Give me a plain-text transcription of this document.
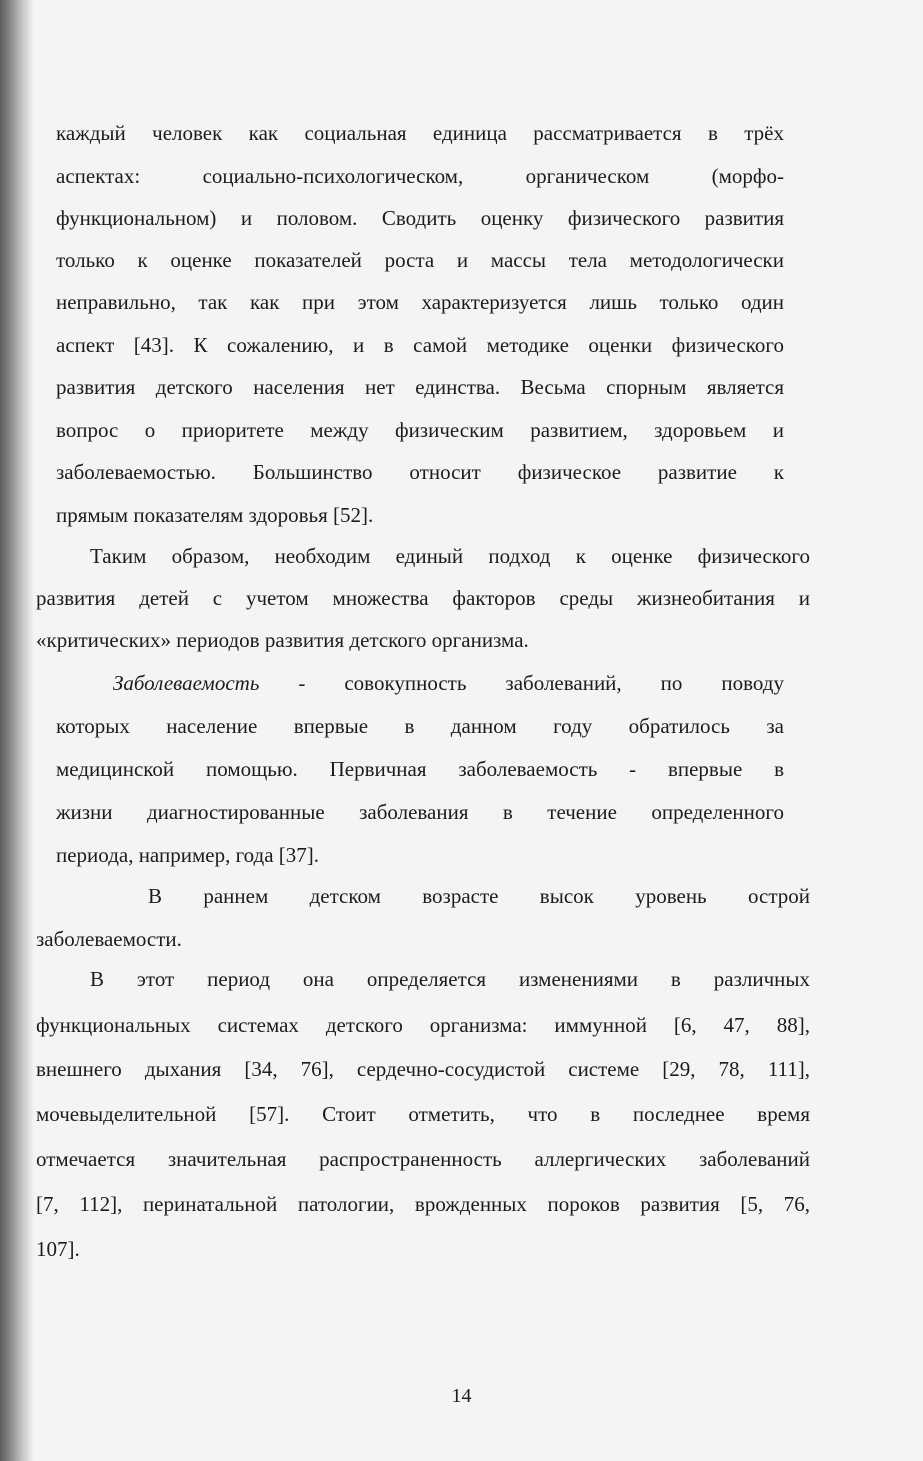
каждый человек как социальная единица рассматривается в трёх
аспектах: социально-психологическом, органическом (морфо-
функциональном) и половом. Сводить оценку физического развития
только к оценке показателей роста и массы тела методологически
неправильно, так как при этом характеризуется лишь только один
аспект [43]. К сожалению, и в самой методике оценки физического
развития детского населения нет единства. Весьма спорным является
вопрос о приоритете между физическим развитием, здоровьем и
заболеваемостью. Большинство относит физическое развитие к
прямым показателям здоровья [52].
Таким образом, необходим единый подход к оценке физического
развития детей с учетом множества факторов среды жизнеобитания и
«критических» периодов развития детского организма.
Заболеваемость - совокупность заболеваний, по поводу
которых население впервые в данном году обратилось за
медицинской помощью. Первичная заболеваемость - впервые в
жизни диагностированные заболевания в течение определенного
периода, например, года [37].
В раннем детском возрасте высок уровень острой
заболеваемости.
В этот период она определяется изменениями в различных
функциональных системах детского организма: иммунной [6, 47, 88],
внешнего дыхания [34, 76], сердечно-сосудистой системе [29, 78, 111],
мочевыделительной [57]. Стоит отметить, что в последнее время
отмечается значительная распространенность аллергических заболеваний
[7, 112], перинатальной патологии, врожденных пороков развития [5, 76,
107].
14
